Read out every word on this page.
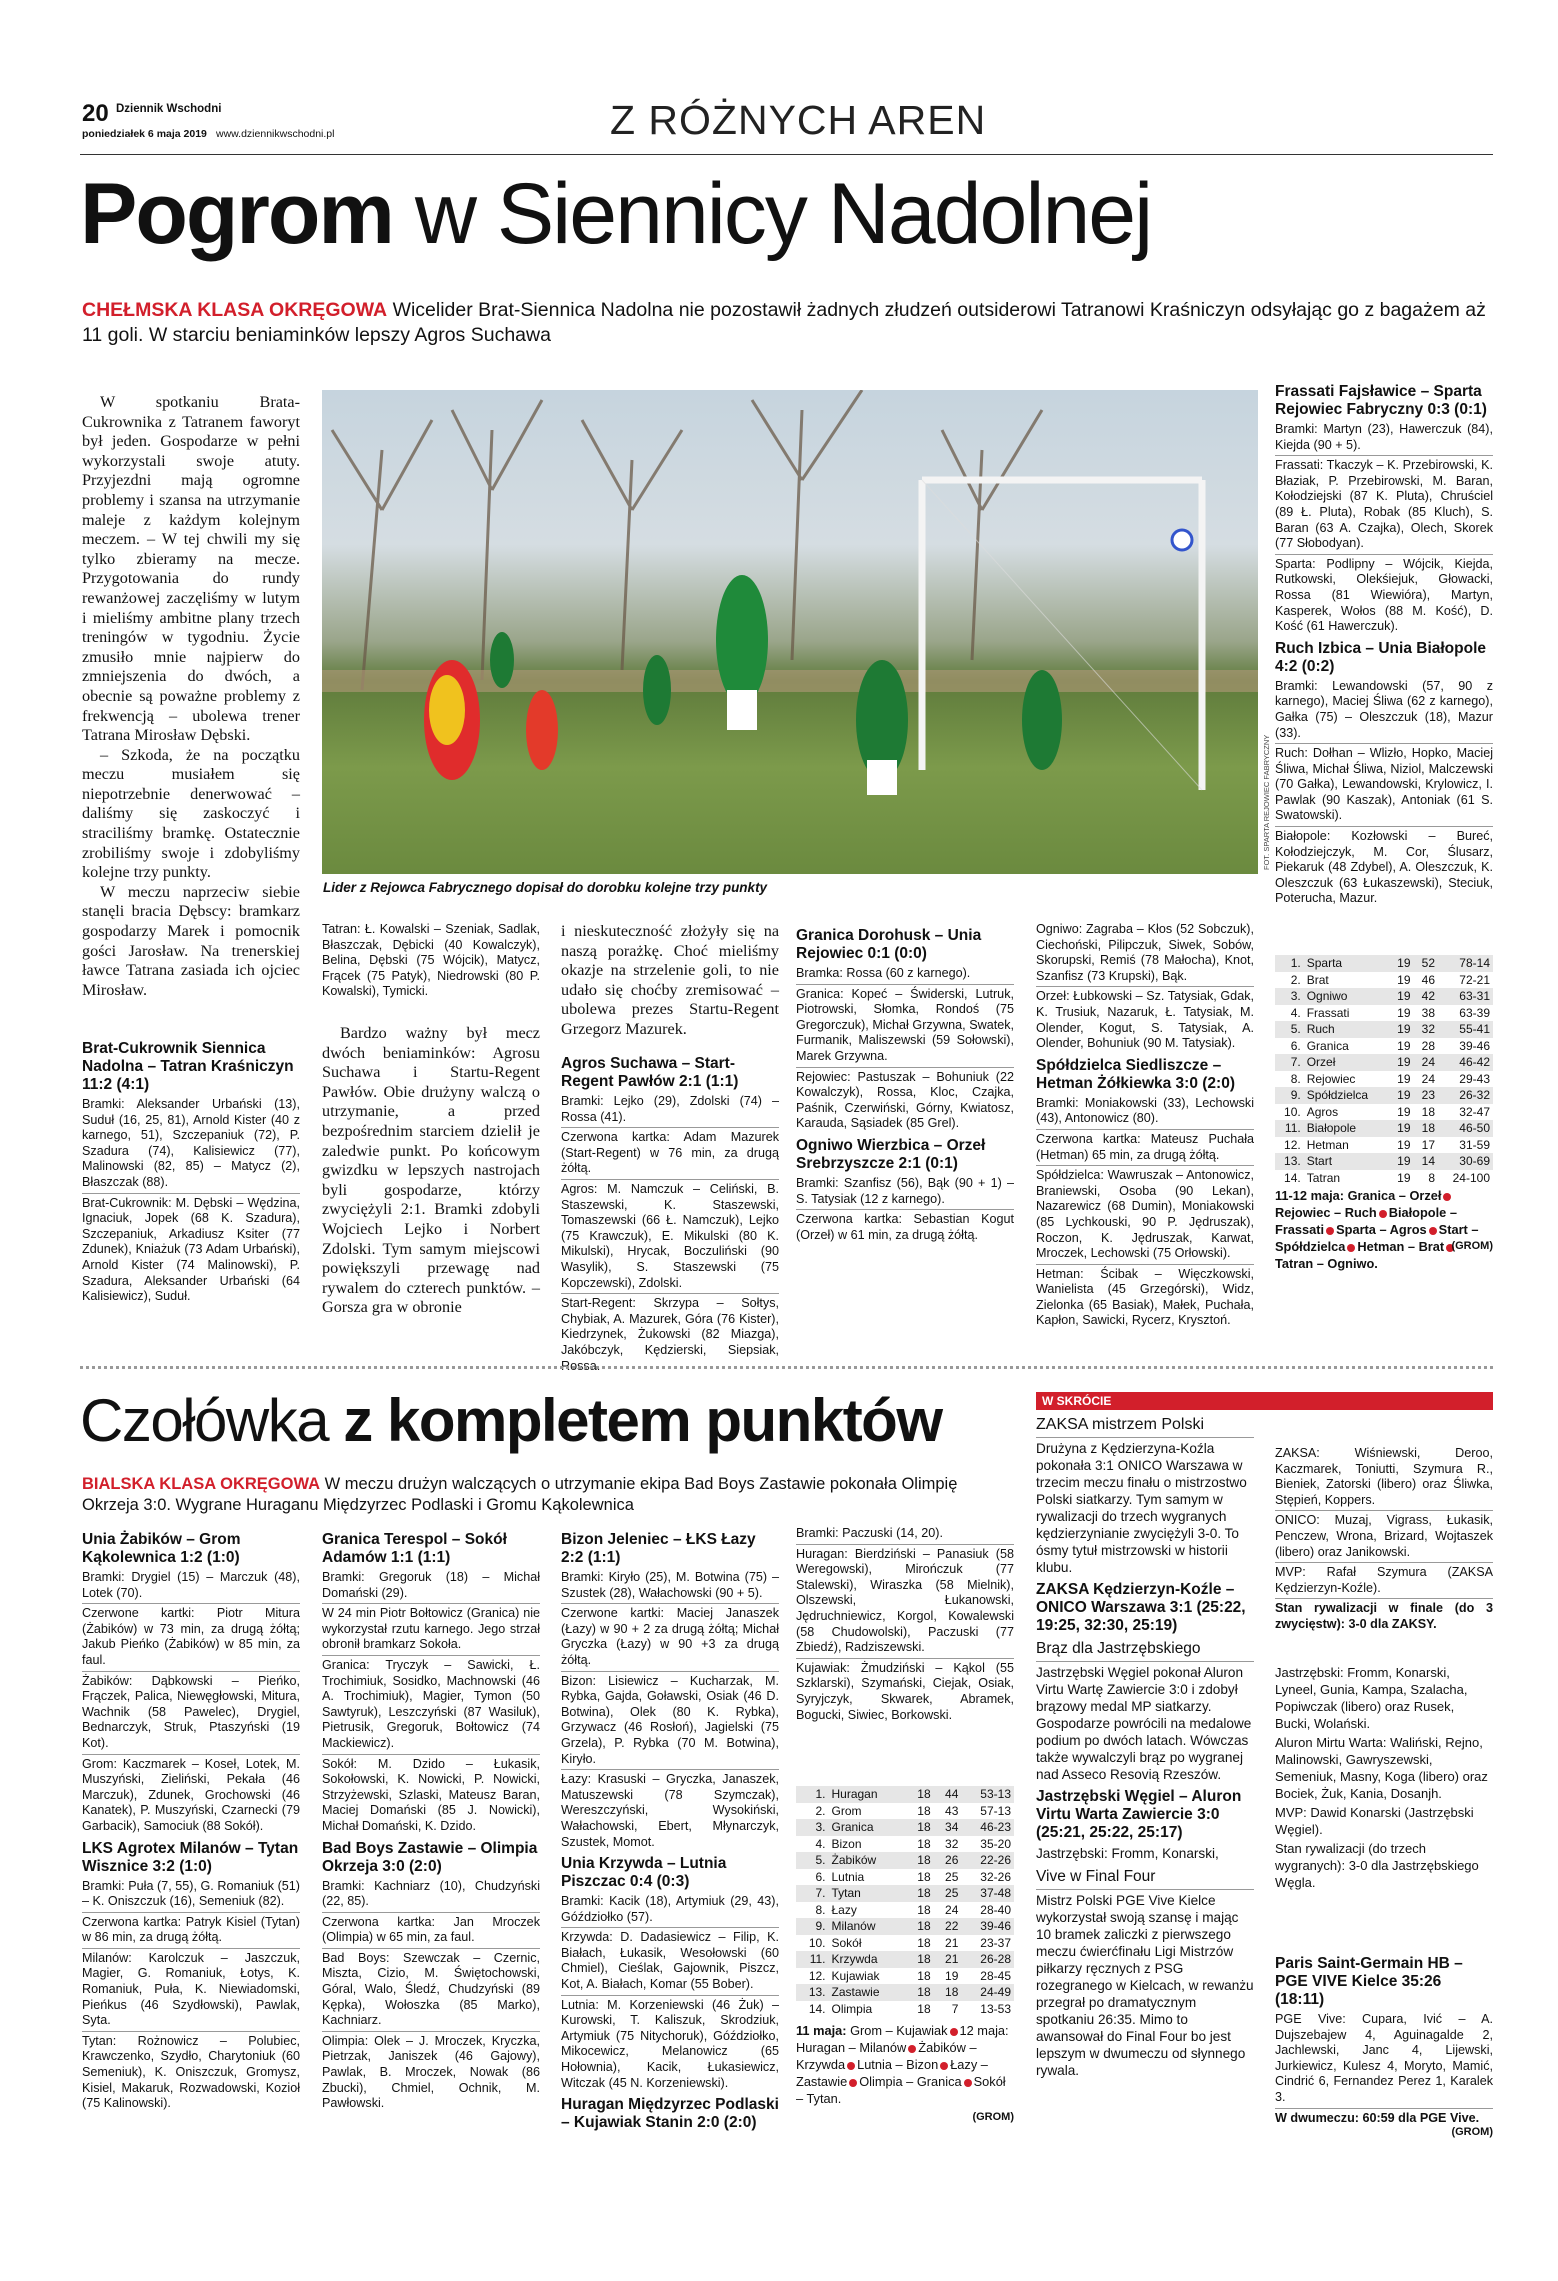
20 Dziennik Wschodni
poniedziałek 6 maja 2019 www.dziennikwschodni.pl	Z RÓŻNYCH AREN
Pogrom w Siennicy Nadolnej
CHEŁMSKA KLASA OKRĘGOWA Wicelider Brat-Siennica Nadolna nie pozostawił żadnych złudzeń outsiderowi Tatranowi Kraśniczyn odsyłając go z bagażem aż 11 goli. W starciu beniaminków lepszy Agros Suchawa

W spotkaniu Brata-Cukrownika z Tatranem faworyt był jeden. Gospodarze w pełni wykorzystali swoje atuty. Przyjezdni mają ogromne problemy i szansa na utrzymanie maleje z każdym kolejnym meczem. – W tej chwili my się tylko zbieramy na mecze. Przygotowania do rundy rewanżowej zaczęliśmy w lutym i mieliśmy ambitne plany trzech treningów w tygodniu. Życie zmusiło mnie najpierw do zmniejszenia do dwóch, a obecnie są poważne problemy z frekwencją – ubolewa trener Tatrana Mirosław Dębski.

– Szkoda, że na początku meczu musiałem się niepotrzebnie denerwować – daliśmy się zaskoczyć i straciliśmy bramkę. Ostatecznie zrobiliśmy swoje i zdobyliśmy kolejne trzy punkty.

W meczu naprzeciw siebie stanęli bracia Dębscy: bramkarz gospodarzy Marek i pomocnik gości Jarosław. Na trenerskiej ławce Tatrana zasiada ich ojciec Mirosław.

Brat-Cukrownik Siennica Nadolna – Tatran Kraśniczyn 11:2 (4:1)

Bramki: Aleksander Urbański (13), Suduł (16, 25, 81), Arnold Kister (40 z karnego, 51), Szczepaniuk (72), P. Szadura (74), Kalisiewicz (77), Malinowski (82, 85) – Matycz (2), Błaszczak (88).

Brat-Cukrownik: M. Dębski – Wędzina, Ignaciuk, Jopek (68 K. Szadura), Szczepaniuk, Arkadiusz Ksiter (77 Zdunek), Kniażuk (73 Adam Urbański), Arnold Kister (74 Malinowski), P. Szadura, Aleksander Urbański (64 Kalisiewicz), Suduł.

FOT. SPARTA REJOWIEC FABRYCZNY
Lider z Rejowca Fabrycznego dopisał do dorobku kolejne trzy punkty

Tatran: Ł. Kowalski – Szeniak, Sadlak, Błaszczak, Dębicki (40 Kowalczyk), Belina, Dębski (75 Wójcik), Matycz, Frącek (75 Patyk), Niedrowski (80 P. Kowalski), Tymicki.

Bardzo ważny był mecz dwóch beniaminków: Agrosu Suchawa i Startu-Regent Pawłów. Obie drużyny walczą o utrzymanie, a przed bezpośrednim starciem dzielił je zaledwie punkt. Po końcowym gwizdku w lepszych nastrojach byli gospodarze, którzy zwyciężyli 2:1. Bramki zdobyli Wojciech Lejko i Norbert Zdolski. Tym samym miejscowi powiększyli przewagę nad rywalem do czterech punktów. – Gorsza gra w obronie

i nieskuteczność złożyły się na naszą porażkę. Choć mieliśmy okazje na strzelenie goli, to nie udało się choćby zremisować – ubolewa prezes Startu-Regent Grzegorz Mazurek.

Agros Suchawa – Start-Regent Pawłów 2:1 (1:1)

Bramki: Lejko (29), Zdolski (74) – Rossa (41).

Czerwona kartka: Adam Mazurek (Start-Regent) w 76 min, za drugą żółtą.

Agros: M. Namczuk – Celiński, B. Staszewski, K. Staszewski, Tomaszewski (66 Ł. Namczuk), Lejko (75 Krawczuk), E. Mikulski (80 K. Mikulski), Hrycak, Boczuliński (90 Wasylik), S. Staszewski (75 Kopczewski), Zdolski.

Start-Regent: Skrzypa – Sołtys, Chybiak, A. Mazurek, Góra (76 Kister), Kiedrzynek, Żukowski (82 Miazga), Jakóbczyk, Kędzierski, Siepsiak, Rossa.

Granica Dorohusk – Unia Rejowiec 0:1 (0:0)

Bramka: Rossa (60 z karnego).

Granica: Kopeć – Świderski, Lutruk, Piotrowski, Słomka, Rondoś (75 Gregorczuk), Michał Grzywna, Swatek, Furmanik, Maliszewski (59 Sołowski), Marek Grzywna.

Rejowiec: Pastuszak – Bohuniuk (22 Kowalczyk), Rossa, Kloc, Czajka, Paśnik, Czerwiński, Górny, Kwiatosz, Karauda, Sąsiadek (85 Grel).

Ogniwo Wierzbica – Orzeł Srebrzyszcze 2:1 (0:1)

Bramki: Szanfisz (56), Bąk (90 + 1) – S. Tatysiak (12 z karnego).

Czerwona kartka: Sebastian Kogut (Orzeł) w 61 min, za drugą żółtą.

Ogniwo: Zagraba – Kłos (52 Sobczuk), Ciechoński, Pilipczuk, Siwek, Sobów, Skorupski, Remiś (78 Małocha), Knot, Szanfisz (73 Krupski), Bąk.

Orzeł: Łubkowski – Sz. Tatysiak, Gdak, K. Trusiuk, Nazaruk, Ł. Tatysiak, M. Olender, Kogut, S. Tatysiak, A. Olender, Bohuniuk (90 M. Tatysiak).

Spółdzielca Siedliszcze – Hetman Żółkiewka 3:0 (2:0)

Bramki: Moniakowski (33), Lechowski (43), Antonowicz (80).

Czerwona kartka: Mateusz Puchała (Hetman) 65 min, za drugą żółtą.

Spółdzielca: Wawruszak – Antonowicz, Braniewski, Osoba (90 Lekan), Nazarewicz (68 Dumin), Moniakowski (85 Lychkouski, 90 P. Jędruszak), Roczon, K. Jędruszak, Karwat, Mroczek, Lechowski (75 Orłowski).

Hetman: Ścibak – Więczkowski, Wanielista (45 Grzegórski), Widz, Zielonka (65 Basiak), Małek, Puchała, Kapłon, Sawicki, Rycerz, Krysztoń.

Frassati Fajsławice – Sparta Rejowiec Fabryczny 0:3 (0:1)

Bramki: Martyn (23), Hawerczuk (84), Kiejda (90 + 5).

Frassati: Tkaczyk – K. Przebirowski, K. Błaziak, P. Przebirowski, M. Baran, Kołodziejski (87 K. Pluta), Chruściel (89 Ł. Pluta), Robak (85 Kluch), S. Baran (63 A. Czajka), Olech, Skorek (77 Słobodyan).

Sparta: Podlipny – Wójcik, Kiejda, Rutkowski, Olekśiejuk, Głowacki, Rossa (81 Wiewióra), Martyn, Kasperek, Wołos (88 M. Kość), D. Kość (61 Hawerczuk).

Ruch Izbica – Unia Białopole 4:2 (0:2)

Bramki: Lewandowski (57, 90 z karnego), Maciej Śliwa (62 z karnego), Gałka (75) – Oleszczuk (18), Mazur (33).

Ruch: Dołhan – Wlizło, Hopko, Maciej Śliwa, Michał Śliwa, Niziol, Malczewski (70 Gałka), Lewandowski, Krylowicz, I. Pawlak (90 Kaszak), Antoniak (61 S. Swatowski).

Białopole: Kozłowski – Bureć, Kołodziejczyk, M. Cor, Ślusarz, Piekaruk (48 Zdybel), A. Oleszczuk, K. Oleszczuk (63 Łukaszewski), Steciuk, Poterucha, Mazur.

1.	Sparta	19	52	78-14
2.	Brat	19	46	72-21
3.	Ogniwo	19	42	63-31
4.	Frassati	19	38	63-39
5.	Ruch	19	32	55-41
6.	Granica	19	28	39-46
7.	Orzeł	19	24	46-42
8.	Rejowiec	19	24	29-43
9.	Spółdzielca	19	23	26-32
10.	Agros	19	18	32-47
11.	Białopole	19	18	46-50
12.	Hetman	19	17	31-59
13.	Start	19	14	30-69
14.	Tatran	19	8	24-100
11-12 maja: Granica – OrzełRejowiec – Ruch Białopole – Frassati Sparta – Agros Start – Spółdzielca Hetman – BratTatran – Ogniwo.
(GROM)
Czołówka z kompletem punktów
BIALSKA KLASA OKRĘGOWA W meczu drużyn walczących o utrzymanie ekipa Bad Boys Zastawie pokonała Olimpię Okrzeja 3:0. Wygrane Huraganu Międzyrzec Podlaski i Gromu Kąkolewnica
Unia Żabików – Grom Kąkolewnica 1:2 (1:0)

Bramki: Drygiel (15) – Marczuk (48), Lotek (70).

Czerwone kartki: Piotr Mitura (Żabików) w 73 min, za drugą żółtą; Jakub Pieńko (Żabików) w 85 min, za faul.

Żabików: Dąbkowski – Pieńko, Frączek, Palica, Niewęgłowski, Mitura, Wachnik (58 Pawelec), Drygiel, Bednarczyk, Struk, Ptaszyński (19 Kot).

Grom: Kaczmarek – Koseł, Lotek, M. Muszyński, Zieliński, Pekała (46 Marczuk), Zdunek, Grochowski (46 Kanatek), P. Muszyński, Czarnecki (79 Garbacik), Samociuk (88 Sokół).

LKS Agrotex Milanów – Tytan Wisznice 3:2 (1:0)

Bramki: Puła (7, 55), G. Romaniuk (51) – K. Oniszczuk (16), Semeniuk (82).

Czerwona kartka: Patryk Kisiel (Tytan) w 86 min, za drugą żółtą.

Milanów: Karolczuk – Jaszczuk, Magier, G. Romaniuk, Łotys, K. Romaniuk, Puła, K. Niewiadomski, Pieńkus (46 Szydłowski), Pawlak, Syta.

Tytan: Rożnowicz – Polubiec, Krawczenko, Szydło, Charytoniuk (60 Semeniuk), K. Oniszczuk, Gromysz, Kisiel, Makaruk, Rozwadowski, Kozioł (75 Kalinowski).

Granica Terespol – Sokół Adamów 1:1 (1:1)

Bramki: Gregoruk (18) – Michał Domański (29).

W 24 min Piotr Bołtowicz (Granica) nie wykorzystał rzutu karnego. Jego strzał obronił bramkarz Sokoła.

Granica: Tryczyk – Sawicki, Ł. Trochimiuk, Sosidko, Machnowski (46 A. Trochimiuk), Magier, Tymon (50 Sawtyruk), Leszczyński (87 Wasiluk), Pietrusik, Gregoruk, Bołtowicz (74 Mackiewicz).

Sokół: M. Dzido – Łukasik, Sokołowski, K. Nowicki, P. Nowicki, Strzyżewski, Szlaski, Mateusz Baran, Maciej Domański (85 J. Nowicki), Michał Domański, K. Dzido.

Bad Boys Zastawie – Olimpia Okrzeja 3:0 (2:0)

Bramki: Kachniarz (10), Chudzyński (22, 85).

Czerwona kartka: Jan Mroczek (Olimpia) w 65 min, za faul.

Bad Boys: Szewczak – Czernic, Miszta, Cizio, M. Świętochowski, Góral, Walo, Śledź, Chudzyński (89 Kępka), Wołoszka (85 Marko), Kachniarz.

Olimpia: Olek – J. Mroczek, Kryczka, Pietrzak, Janiszek (46 Gajowy), Pawlak, B. Mroczek, Nowak (86 Zbucki), Chmiel, Ochnik, M. Pawłowski.

Bizon Jeleniec – ŁKS Łazy 2:2 (1:1)

Bramki: Kiryło (25), M. Botwina (75) – Szustek (28), Wałachowski (90 + 5).

Czerwone kartki: Maciej Janaszek (Łazy) w 90 + 2 za drugą żółtą; Michał Gryczka (Łazy) w 90 +3 za drugą żółtą.

Bizon: Lisiewicz – Kucharzak, M. Rybka, Gajda, Goławski, Osiak (46 D. Botwina), Olek (80 K. Rybka), Grzywacz (46 Rosłoń), Jagielski (75 Grzela), P. Rybka (70 M. Botwina), Kiryło.

Łazy: Krasuski – Gryczka, Janaszek, Matuszewski (78 Szymczak), Wereszczyński, Wysokiński, Wałachowski, Ebert, Młynarczyk, Szustek, Momot.

Unia Krzywda – Lutnia Piszczac 0:4 (0:3)

Bramki: Kacik (18), Artymiuk (29, 43), Góździołko (57).

Krzywda: D. Dadasiewicz – Filip, K. Białach, Łukasik, Wesołowski (60 Chmiel), Cieślak, Gajownik, Piszcz, Kot, A. Białach, Komar (55 Bober).

Lutnia: M. Korzeniewski (46 Żuk) – Kurowski, T. Kaliszuk, Skrodziuk, Artymiuk (75 Nitychoruk), Góździołko, Mikocewicz, Melanowicz (65 Hołownia), Kacik, Łukasiewicz, Witczak (45 N. Korzeniewski).

Huragan Międzyrzec Podlaski – Kujawiak Stanin 2:0 (2:0)

Bramki: Paczuski (14, 20).

Huragan: Bierdziński – Panasiuk (58 Weregowski), Mirończuk (77 Stalewski), Wiraszka (58 Mielnik), Olszewski, Łukanowski, Jędruchniewicz, Korgol, Kowalewski (58 Chudowolski), Paczuski (77 Zbiedź), Radziszewski.

Kujawiak: Żmudziński – Kąkol (55 Szklarski), Szymański, Ciejak, Osiak, Syryjczyk, Skwarek, Abramek, Bogucki, Siwiec, Borkowski.

1.	Huragan	18	44	53-13
2.	Grom	18	43	57-13
3.	Granica	18	34	46-23
4.	Bizon	18	32	35-20
5.	Żabików	18	26	22-26
6.	Lutnia	18	25	32-26
7.	Tytan	18	25	37-48
8.	Łazy	18	24	28-40
9.	Milanów	18	22	39-46
10.	Sokół	18	21	23-37
11.	Krzywda	18	21	26-28
12.	Kujawiak	18	19	28-45
13.	Zastawie	18	18	24-49
14.	Olimpia	18	7	13-53
11 maja: Grom – Kujawiak 12 maja: Huragan – Milanów Żabików – Krzywda Lutnia – Bizon Łazy – Zastawie Olimpia – Granica Sokół – Tytan.
(GROM)
W SKRÓCIE
ZAKSA mistrzem Polski

Drużyna z Kędzierzyna-Koźla pokonała 3:1 ONICO Warszawa w trzecim meczu finału o mistrzostwo Polski siatkarzy. Tym samym w rywalizacji do trzech wygranych kędzierzynianie zwyciężyli 3-0. To ósmy tytuł mistrzowski w historii klubu.

ZAKSA Kędzierzyn-Koźle – ONICO Warszawa 3:1 (25:22, 19:25, 32:30, 25:19)
Brąz dla Jastrzębskiego

Jastrzębski Węgiel pokonał Aluron Virtu Wartę Zawiercie 3:0 i zdobył brązowy medal MP siatkarzy. Gospodarze powrócili na medalowe podium po dwóch latach. Wówczas także wywalczyli brąz po wygranej nad Asseco Resovią Rzeszów.

Jastrzębski Węgiel – Aluron Virtu Warta Zawiercie 3:0 (25:21, 25:22, 25:17)

Jastrzębski: Fromm, Konarski,

Vive w Final Four

Mistrz Polski PGE Vive Kielce wykorzystał swoją szansę i mając 10 bramek zaliczki z pierwszego meczu ćwierćfinału Ligi Mistrzów piłkarzy ręcznych z PSG rozegranego w Kielcach, w rewanżu przegrał po dramatycznym spotkaniu 26:35. Mimo to awansował do Final Four bo jest lepszym w dwumeczu od słynnego rywala.

ZAKSA: Wiśniewski, Deroo, Kaczmarek, Toniutti, Szymura R., Bieniek, Zatorski (libero) oraz Śliwka, Stępień, Koppers.

ONICO: Muzaj, Vigrass, Łukasik, Penczew, Wrona, Brizard, Wojtaszek (libero) oraz Janikowski.

MVP: Rafał Szymura (ZAKSA Kędzierzyn-Koźle).

Stan rywalizacji w finale (do 3 zwycięstw): 3-0 dla ZAKSY.

Jastrzębski: Fromm, Konarski, Lyneel, Gunia, Kampa, Szalacha, Popiwczak (libero) oraz Rusek, Bucki, Wolański.

Aluron Mirtu Warta: Waliński, Rejno, Malinowski, Gawryszewski, Semeniuk, Masny, Koga (libero) oraz Bociek, Żuk, Kania, Dosanjh.

MVP: Dawid Konarski (Jastrzębski Węgiel).

Stan rywalizacji (do trzech wygranych): 3-0 dla Jastrzębskiego Węgla.

Paris Saint-Germain HB – PGE VIVE Kielce 35:26 (18:11)

PGE Vive: Cupara, Ivić – A. Dujszebajew 4, Aguinagalde 2, Jachlewski, Janc 4, Lijewski, Jurkiewicz, Kulesz 4, Moryto, Mamić, Cindrić 6, Fernandez Perez 1, Karalek 3.

W dwumeczu: 60:59 dla PGE Vive.

(GROM)
